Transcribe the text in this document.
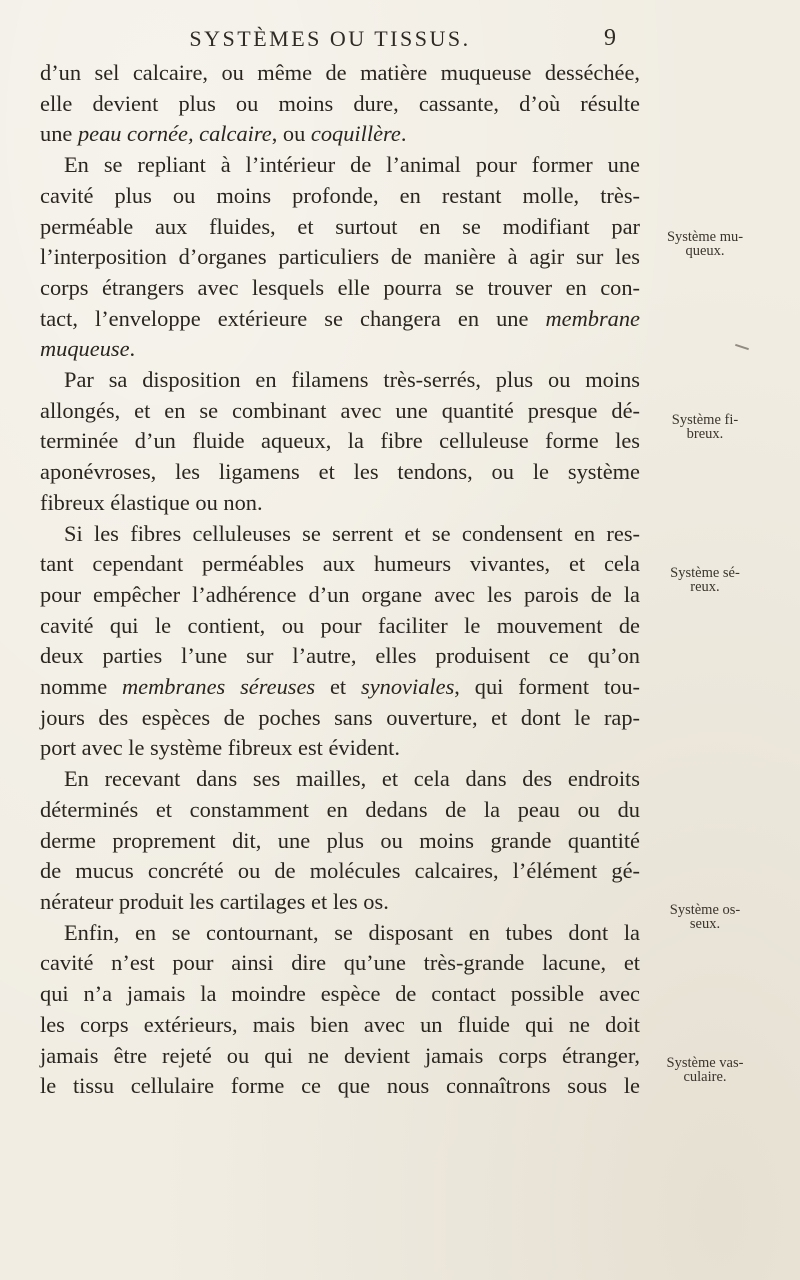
SYSTÈMES OU TISSUS.	9
d’un sel calcaire, ou même de matière muqueuse desséchée,
elle devient plus ou moins dure, cassante, d’où résulte
une peau cornée, calcaire, ou coquillère.
En se repliant à l’intérieur de l’animal pour former une
cavité plus ou moins profonde, en restant molle, très-
perméable aux fluides, et surtout en se modifiant par
l’interposition d’organes particuliers de manière à agir sur les
corps étrangers avec lesquels elle pourra se trouver en con-
tact, l’enveloppe extérieure se changera en une membrane
muqueuse.
Par sa disposition en filamens très-serrés, plus ou moins
allongés, et en se combinant avec une quantité presque dé-
terminée d’un fluide aqueux, la fibre celluleuse forme les
aponévroses, les ligamens et les tendons, ou le système
fibreux élastique ou non.
Si les fibres celluleuses se serrent et se condensent en res-
tant cependant perméables aux humeurs vivantes, et cela
pour empêcher l’adhérence d’un organe avec les parois de la
cavité qui le contient, ou pour faciliter le mouvement de
deux parties l’une sur l’autre, elles produisent ce qu’on
nomme membranes séreuses et synoviales, qui forment tou-
jours des espèces de poches sans ouverture, et dont le rap-
port avec le système fibreux est évident.
En recevant dans ses mailles, et cela dans des endroits
déterminés et constamment en dedans de la peau ou du
derme proprement dit, une plus ou moins grande quantité
de mucus concrété ou de molécules calcaires, l’élément gé-
nérateur produit les cartilages et les os.
Enfin, en se contournant, se disposant en tubes dont la
cavité n’est pour ainsi dire qu’une très-grande lacune, et
qui n’a jamais la moindre espèce de contact possible avec
les corps extérieurs, mais bien avec un fluide qui ne doit
jamais être rejeté ou qui ne devient jamais corps étranger,
le tissu cellulaire forme ce que nous connaîtrons sous le
Système mu-
queux.
Système fi-
breux.
Système sé-
reux.
Système os-
seux.
Système vas-
culaire.
